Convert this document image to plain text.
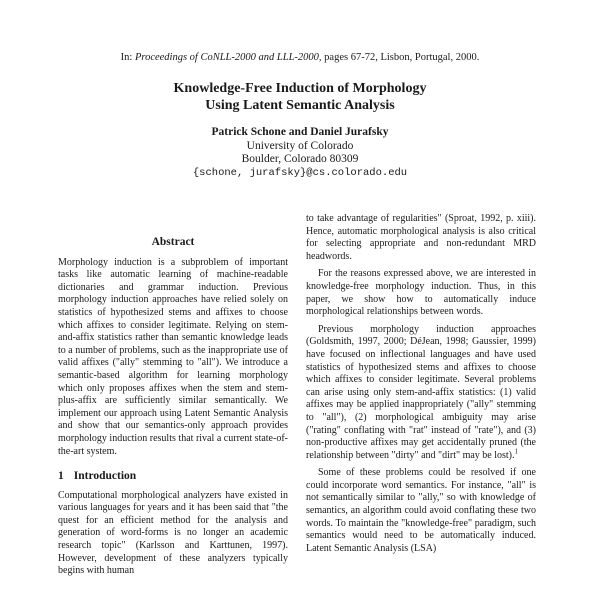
In: Proceedings of CoNLL-2000 and LLL-2000, pages 67-72, Lisbon, Portugal, 2000.
Knowledge-Free Induction of Morphology
Using Latent Semantic Analysis
Patrick Schone and Daniel Jurafsky
University of Colorado
Boulder, Colorado 80309
{schone, jurafsky}@cs.colorado.edu
Abstract

Morphology induction is a subproblem of important tasks like automatic learning of machine-readable dictionaries and grammar induction. Previous morphology induction approaches have relied solely on statistics of hypothesized stems and affixes to choose which affixes to consider legitimate. Relying on stem-and-affix statistics rather than semantic knowledge leads to a number of problems, such as the inappropriate use of valid affixes ("ally" stemming to "all"). We introduce a semantic-based algorithm for learning morphology which only proposes affixes when the stem and stem-plus-affix are sufficiently similar semantically. We implement our approach using Latent Semantic Analysis and show that our semantics-only approach provides morphology induction results that rival a current state-of-the-art system.

1 Introduction

Computational morphological analyzers have existed in various languages for years and it has been said that "the quest for an efficient method for the analysis and generation of word-forms is no longer an academic research topic" (Karlsson and Karttunen, 1997). However, development of these analyzers typically begins with human

to take advantage of regularities" (Sproat, 1992, p. xiii). Hence, automatic morphological analysis is also critical for selecting appropriate and non-redundant MRD headwords.

For the reasons expressed above, we are interested in knowledge-free morphology induction. Thus, in this paper, we show how to automatically induce morphological relationships between words.

Previous morphology induction approaches (Goldsmith, 1997, 2000; DéJean, 1998; Gaussier, 1999) have focused on inflectional languages and have used statistics of hypothesized stems and affixes to choose which affixes to consider legitimate. Several problems can arise using only stem-and-affix statistics: (1) valid affixes may be applied inappropriately ("ally" stemming to "all"), (2) morphological ambiguity may arise ("rating" conflating with "rat" instead of "rate"), and (3) non-productive affixes may get accidentally pruned (the relationship between "dirty" and "dirt" may be lost).$^1$

Some of these problems could be resolved if one could incorporate word semantics. For instance, "all" is not semantically similar to "ally," so with knowledge of semantics, an algorithm could avoid conflating these two words. To maintain the "knowledge-free" paradigm, such semantics would need to be automatically induced. Latent Semantic Analysis (LSA)
